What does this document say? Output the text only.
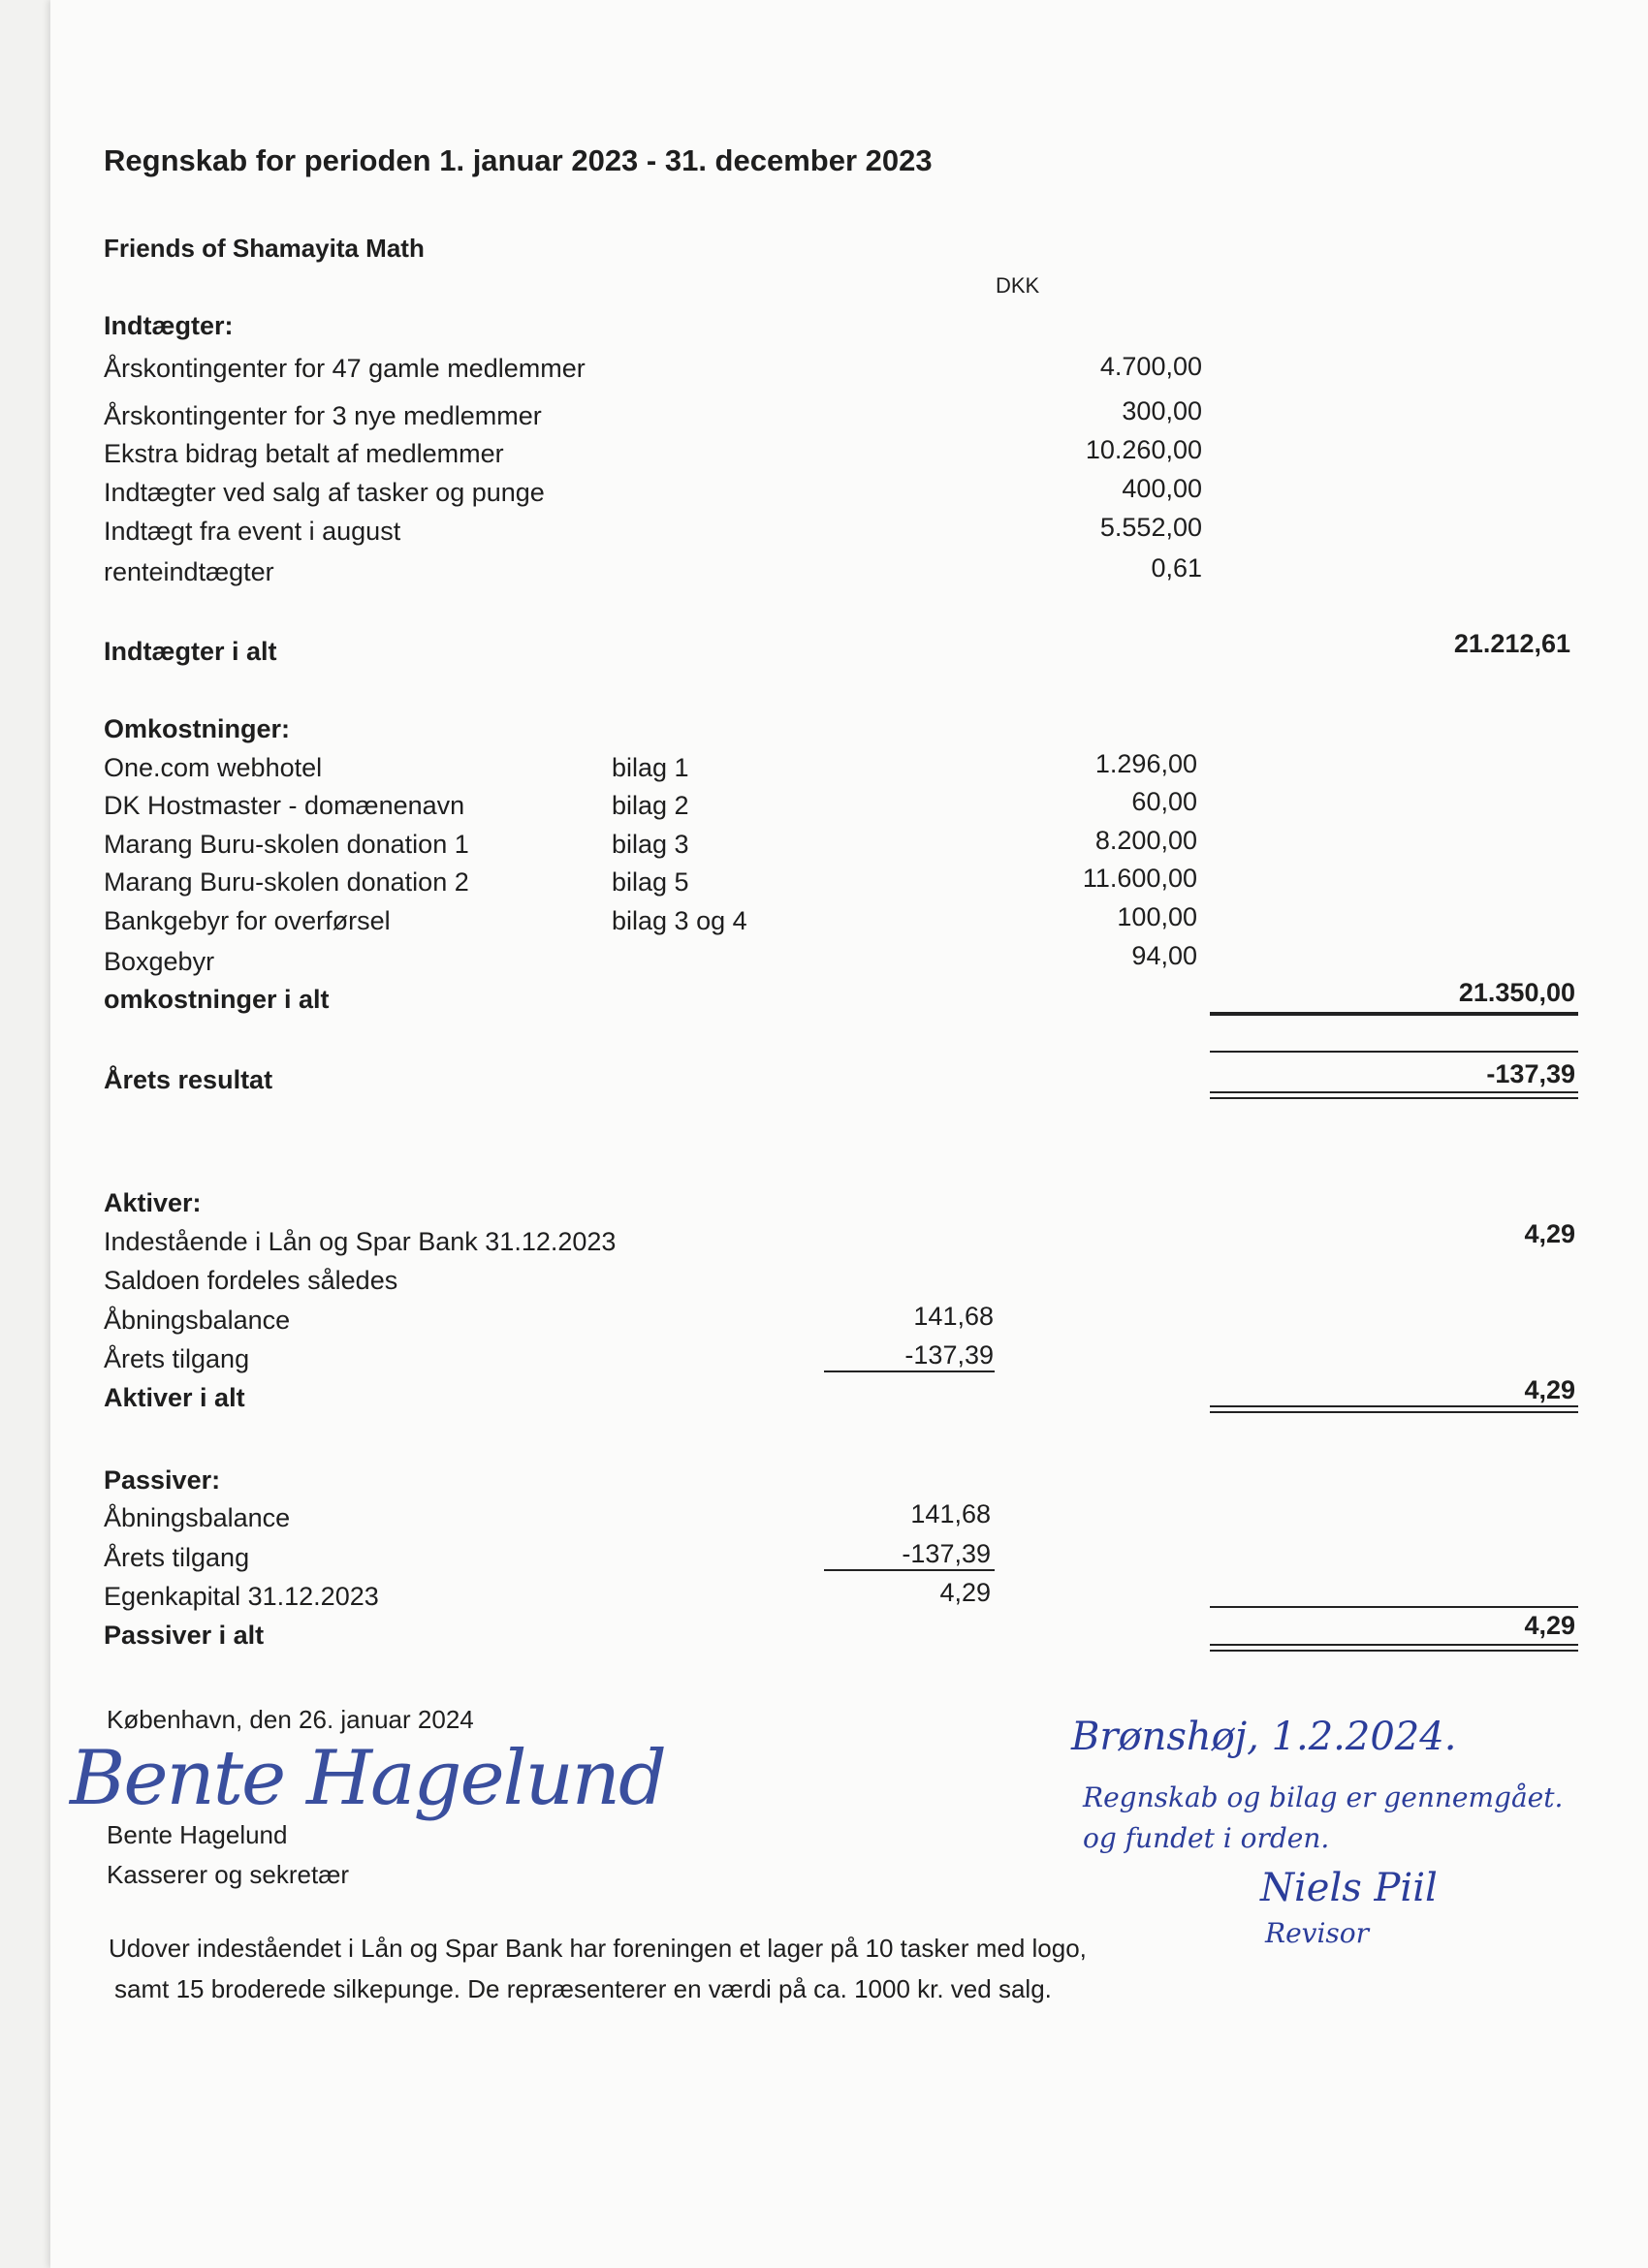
Regnskab for perioden 1. januar 2023 - 31. december 2023
Friends of Shamayita Math
DKK
Indtægter:
Årskontingenter for 47 gamle medlemmer	4.700,00
Årskontingenter for 3 nye medlemmer	300,00
Ekstra bidrag betalt af medlemmer	10.260,00
Indtægter ved salg af tasker og punge	400,00
Indtægt fra event i august	5.552,00
renteindtægter	0,61
Indtægter i alt	21.212,61
Omkostninger:
One.com webhotel	bilag 1	1.296,00
DK Hostmaster - domænenavn	bilag 2	60,00
Marang Buru-skolen donation 1	bilag 3	8.200,00
Marang Buru-skolen donation 2	bilag 5	11.600,00
Bankgebyr for overførsel	bilag 3 og 4	100,00
Boxgebyr	94,00
omkostninger i alt	21.350,00
Årets resultat	-137,39
Aktiver:
Indestående i Lån og Spar Bank 31.12.2023	4,29
Saldoen fordeles således
Åbningsbalance	141,68
Årets tilgang	-137,39
Aktiver i alt	4,29
Passiver:
Åbningsbalance	141,68
Årets tilgang	-137,39
Egenkapital 31.12.2023	4,29
Passiver i alt	4,29
København, den 26. januar 2024
Bente Hagelund
Bente Hagelund
Kasserer og sekretær
Brønshøj, 1.2.2024.
Regnskab og bilag er gennemgået.
og fundet i orden.
Niels Piil
Revisor
Udover indeståendet i Lån og Spar Bank har foreningen et lager på 10 tasker med logo,
samt 15 broderede silkepunge. De repræsenterer en værdi på ca. 1000 kr. ved salg.
